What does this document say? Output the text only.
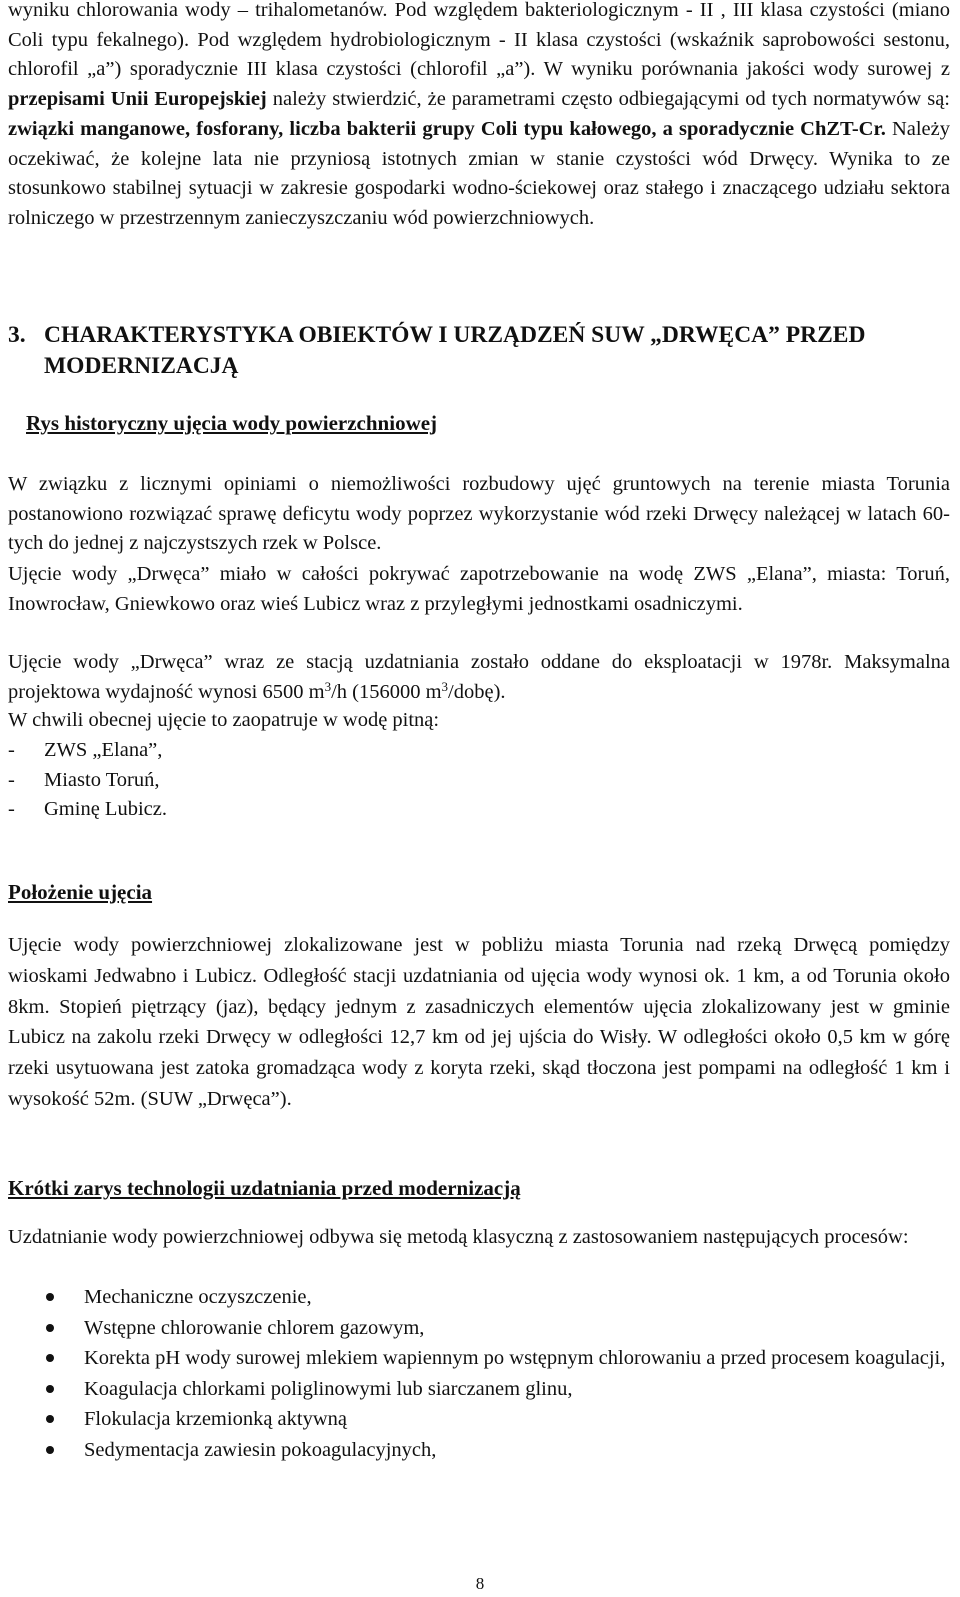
wyniku chlorowania wody – trihalometanów. Pod względem bakteriologicznym - II , III klasa czystości (miano Coli typu fekalnego). Pod względem hydrobiologicznym - II klasa czystości (wskaźnik saprobowości sestonu, chlorofil „a”) sporadycznie III klasa czystości (chlorofil „a”). W wyniku porównania jakości wody surowej z przepisami Unii Europejskiej należy stwierdzić, że parametrami często odbiegającymi od tych normatywów są: związki manganowe, fosforany, liczba bakterii grupy Coli typu kałowego, a sporadycznie ChZT-Cr. Należy oczekiwać, że kolejne lata nie przyniosą istotnych zmian w stanie czystości wód Drwęcy. Wynika to ze stosunkowo stabilnej sytuacji w zakresie gospodarki wodno-ściekowej oraz stałego i znaczącego udziału sektora rolniczego w przestrzennym zanieczyszczaniu wód powierzchniowych.

3. CHARAKTERYSTYKA OBIEKTÓW I URZĄDZEŃ SUW „DRWĘCA” PRZED
MODERNIZACJĄ

Rys historyczny ujęcia wody powierzchniowej

W związku z licznymi opiniami o niemożliwości rozbudowy ujęć gruntowych na terenie miasta Torunia postanowiono rozwiązać sprawę deficytu wody poprzez wykorzystanie wód rzeki Drwęcy należącej w latach 60-tych do jednej z najczystszych rzek w Polsce.

Ujęcie wody „Drwęca” miało w całości pokrywać zapotrzebowanie na wodę ZWS „Elana”, miasta: Toruń, Inowrocław, Gniewkowo oraz wieś Lubicz wraz z przyległymi jednostkami osadniczymi.

Ujęcie wody „Drwęca” wraz ze stacją uzdatniania zostało oddane do eksploatacji w 1978r. Maksymalna projektowa wydajność wynosi 6500 $m^3/h$ (156000 $m^3/dobę$).

W chwili obecnej ujęcie to zaopatruje w wodę pitną:

- ZWS „Elana”,
- Miasto Toruń,
- Gminę Lubicz.

Położenie ujęcia

Ujęcie wody powierzchniowej zlokalizowane jest w pobliżu miasta Torunia nad rzeką Drwęcą pomiędzy wioskami Jedwabno i Lubicz. Odległość stacji uzdatniania od ujęcia wody wynosi ok. 1 km, a od Torunia około 8km. Stopień piętrzący (jaz), będący jednym z zasadniczych elementów ujęcia zlokalizowany jest w gminie Lubicz na zakolu rzeki Drwęcy w odległości 12,7 km od jej ujścia do Wisły. W odległości około 0,5 km w górę rzeki usytuowana jest zatoka gromadząca wody z koryta rzeki, skąd tłoczona jest pompami na odległość 1 km i wysokość 52m. (SUW „Drwęca”).

Krótki zarys technologii uzdatniania przed modernizacją

Uzdatnianie wody powierzchniowej odbywa się metodą klasyczną z zastosowaniem następujących procesów:

Mechaniczne oczyszczenie,
Wstępne chlorowanie chlorem gazowym,
Korekta pH wody surowej mlekiem wapiennym po wstępnym chlorowaniu a przed procesem koagulacji,
Koagulacja chlorkami poliglinowymi lub siarczanem glinu,
Flokulacja krzemionką aktywną
Sedymentacja zawiesin pokoagulacyjnych,

8
